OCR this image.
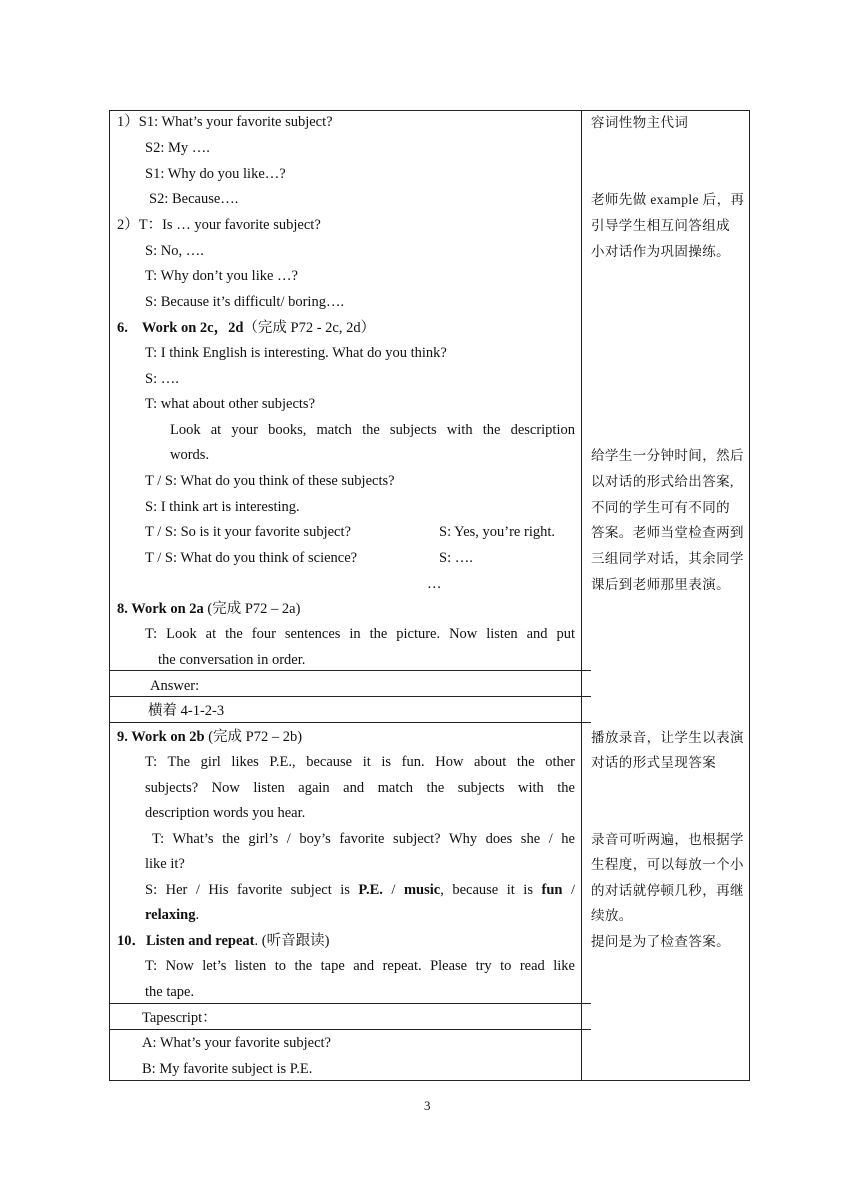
1）S1: What’s your favorite subject?
S2: My ….
S1: Why do you like…?
S2: Because….
2）T：Is … your favorite subject?
S: No, ….
T: Why don’t you like …?
S: Because it’s difficult/ boring….
6. Work on 2c，2d（完成 P72 - 2c, 2d）
T: I think English is interesting. What do you think?
S: ….
T: what about other subjects?
Look at your books, match the subjects with the description
words.
T / S: What do you think of these subjects?
S: I think art is interesting.
T / S: So is it your favorite subject?	S: Yes, you’re right.
T / S: What do you think of science?	S: ….
…
8. Work on 2a (完成 P72 – 2a)
T: Look at the four sentences in the picture. Now listen and put
the conversation in order.
Answer:
横着 4-1-2-3
9. Work on 2b (完成 P72 – 2b)
T: The girl likes P.E., because it is fun. How about the other
subjects? Now listen again and match the subjects with the
description words you hear.
T: What’s the girl’s / boy’s favorite subject? Why does she / he
like it?
S: Her / His favorite subject is P.E. / music, because it is fun /
relaxing.
10．Listen and repeat. (听音跟读)
T: Now let’s listen to the tape and repeat. Please try to read like
the tape.
Tapescript：
A: What’s your favorite subject?
B: My favorite subject is P.E.
容词性物主代词
老师先做 example 后，再
引导学生相互问答组成
小对话作为巩固操练。
给学生一分钟时间，然后
以对话的形式给出答案,
不同的学生可有不同的
答案。老师当堂检查两到
三组同学对话，其余同学
课后到老师那里表演。
播放录音，让学生以表演
对话的形式呈现答案
录音可听两遍，也根据学
生程度，可以每放一个小
的对话就停顿几秒，再继
续放。
提问是为了检查答案。
3
